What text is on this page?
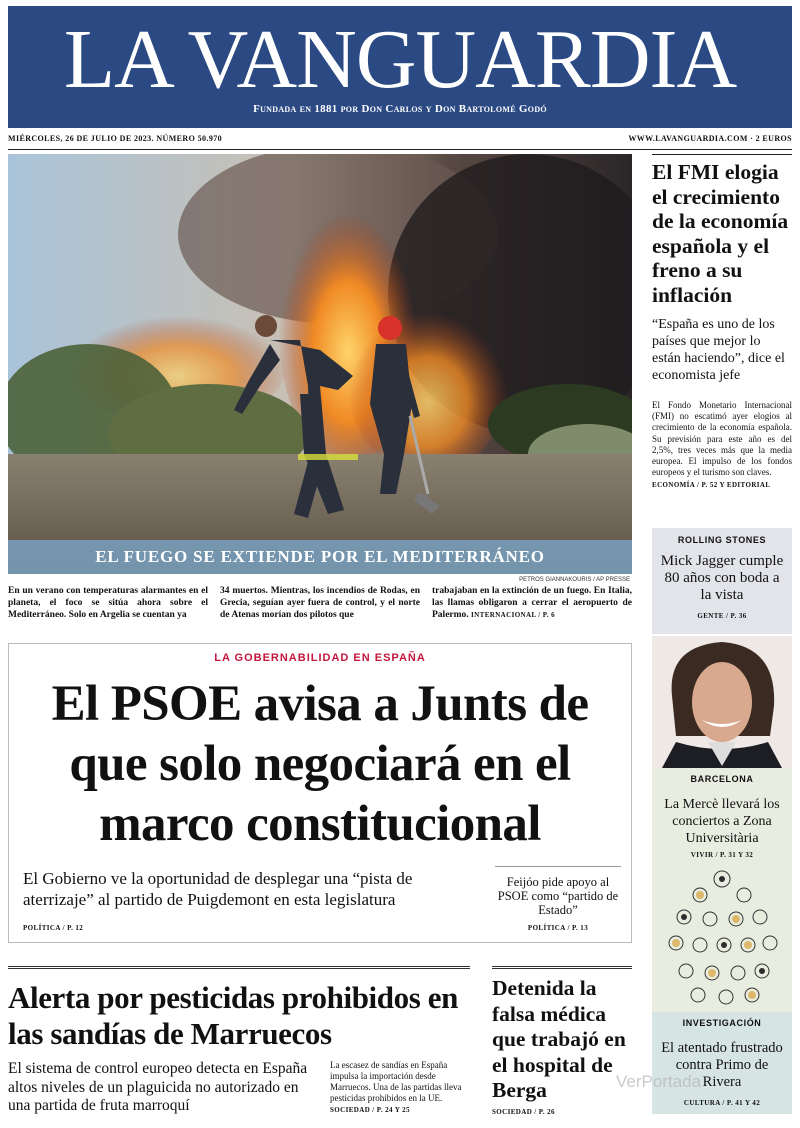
LA VANGUARDIA
Fundada en 1881 por Don Carlos y Don Bartolomé Godó
MIÉRCOLES, 26 DE JULIO DE 2023. NÚMERO 50.970	WWW.LAVANGUARDIA.COM · 2 EUROS
EL FUEGO SE EXTIENDE POR EL MEDITERRÁNEO
PETROS GIANNAKOURIS / AP PRESSE

En un verano con temperaturas alarmantes en el planeta, el foco se sitúa ahora sobre el Mediterráneo. Solo en Argelia se cuentan ya

34 muertos. Mientras, los incendios de Rodas, en Grecia, seguían ayer fuera de control, y el norte de Atenas morían dos pilotos que

trabajaban en la extinción de un fuego. En Italia, las llamas obligaron a cerrar el aeropuerto de Palermo. INTERNACIONAL / P. 6

El FMI elogia el crecimiento de la economía española y el freno a su inflación
“España es uno de los países que mejor lo están haciendo”, dice el economista jefe
El Fondo Monetario Internacional (FMI) no escatimó ayer elogios al crecimiento de la economía española. Su previsión para este año es del 2,5%, tres veces más que la media europea. El impulso de los fondos europeos y el turismo son claves.
ECONOMÍA / P. 52 Y EDITORIAL
ROLLING STONES
Mick Jagger cumple 80 años con boda a la vista
GENTE / P. 36
BARCELONA
La Mercè llevará los conciertos a Zona Universitària
VIVIR / P. 31 Y 32
INVESTIGACIÓN
El atentado frustrado contra Primo de Rivera
CULTURA / P. 41 Y 42
LA GOBERNABILIDAD EN ESPAÑA
El PSOE avisa a Junts de que solo negociará en el marco constitucional
El Gobierno ve la oportunidad de desplegar una “pista de aterrizaje” al partido de Puigdemont en esta legislatura
POLÍTICA / P. 12
Feijóo pide apoyo al PSOE como “partido de Estado”
POLÍTICA / P. 13
Alerta por pesticidas prohibidos en las sandías de Marruecos
El sistema de control europeo detecta en España altos niveles de un plaguicida no autorizado en una partida de fruta marroquí
La escasez de sandías en España impulsa la importación desde Marruecos. Una de las partidas lleva pesticidas prohibidos en la UE. SOCIEDAD / P. 24 Y 25
Detenida la falsa médica que trabajó en el hospital de Berga
SOCIEDAD / P. 26
VerPortada
